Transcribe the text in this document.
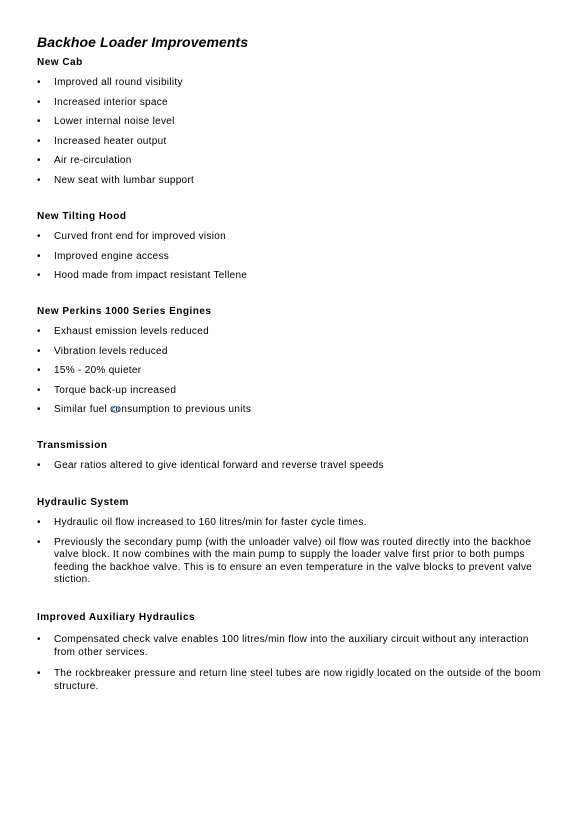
Backhoe Loader Improvements
New Cab
• Improved all round visibility
• Increased interior space
• Lower internal noise level
• Increased heater output
• Air re-circulation
• New seat with lumbar support
New Tilting Hood
• Curved front end for improved vision
• Improved engine access
• Hood made from impact resistant Tellene
New Perkins 1000 Series Engines
• Exhaust emission levels reduced
• Vibration levels reduced
• 15% - 20% quieter
• Torque back-up increased
• Similar fuel consumption to previous units
Transmission
• Gear ratios altered to give identical forward and reverse travel speeds
Hydraulic System
• Hydraulic oil flow increased to 160 litres/min for faster cycle times.
• Previously the secondary pump (with the unloader valve) oil flow was routed directly into the backhoe valve block. It now combines with the main pump to supply the loader valve first prior to both pumps feeding the backhoe valve. This is to ensure an even temperature in the valve blocks to prevent valve stiction.
Improved Auxiliary Hydraulics
• Compensated check valve enables 100 litres/min flow into the auxiliary circuit without any interaction from other services.
• The rockbreaker pressure and return line steel tubes are now rigidly located on the outside of the boom structure.
